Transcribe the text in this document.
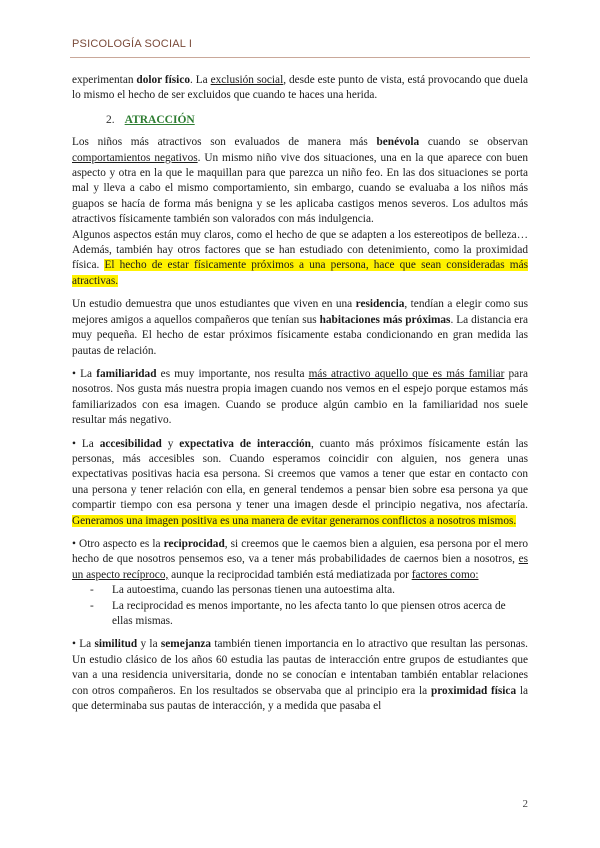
PSICOLOGÍA SOCIAL I

experimentan dolor físico. La exclusión social, desde este punto de vista, está provocando que duela lo mismo el hecho de ser excluidos que cuando te haces una herida.

2. ATRACCIÓN

Los niños más atractivos son evaluados de manera más benévola cuando se observan comportamientos negativos. Un mismo niño vive dos situaciones, una en la que aparece con buen aspecto y otra en la que le maquillan para que parezca un niño feo. En las dos situaciones se porta mal y lleva a cabo el mismo comportamiento, sin embargo, cuando se evaluaba a los niños más guapos se hacía de forma más benigna y se les aplicaba castigos menos severos. Los adultos más atractivos físicamente también son valorados con más indulgencia.

Algunos aspectos están muy claros, como el hecho de que se adapten a los estereotipos de belleza… Además, también hay otros factores que se han estudiado con detenimiento, como la proximidad física. El hecho de estar físicamente próximos a una persona, hace que sean consideradas más atractivas.

Un estudio demuestra que unos estudiantes que viven en una residencia, tendían a elegir como sus mejores amigos a aquellos compañeros que tenían sus habitaciones más próximas. La distancia era muy pequeña. El hecho de estar próximos físicamente estaba condicionando en gran medida las pautas de relación.

• La familiaridad es muy importante, nos resulta más atractivo aquello que es más familiar para nosotros. Nos gusta más nuestra propia imagen cuando nos vemos en el espejo porque estamos más familiarizados con esa imagen. Cuando se produce algún cambio en la familiaridad nos suele resultar más negativo.

• La accesibilidad y expectativa de interacción, cuanto más próximos físicamente están las personas, más accesibles son. Cuando esperamos coincidir con alguien, nos genera unas expectativas positivas hacia esa persona. Si creemos que vamos a tener que estar en contacto con una persona y tener relación con ella, en general tendemos a pensar bien sobre esa persona ya que compartir tiempo con esa persona y tener una imagen desde el principio negativa, nos afectaría. Generamos una imagen positiva es una manera de evitar generarnos conflictos a nosotros mismos.

• Otro aspecto es la reciprocidad, si creemos que le caemos bien a alguien, esa persona por el mero hecho de que nosotros pensemos eso, va a tener más probabilidades de caernos bien a nosotros, es un aspecto recíproco, aunque la reciprocidad también está mediatizada por factores como:

- La autoestima, cuando las personas tienen una autoestima alta.
- La reciprocidad es menos importante, no les afecta tanto lo que piensen otros acerca de ellas mismas.

• La similitud y la semejanza también tienen importancia en lo atractivo que resultan las personas. Un estudio clásico de los años 60 estudia las pautas de interacción entre grupos de estudiantes que van a una residencia universitaria, donde no se conocían e intentaban también entablar relaciones con otros compañeros. En los resultados se observaba que al principio era la proximidad física la que determinaba sus pautas de interacción, y a medida que pasaba el

2
